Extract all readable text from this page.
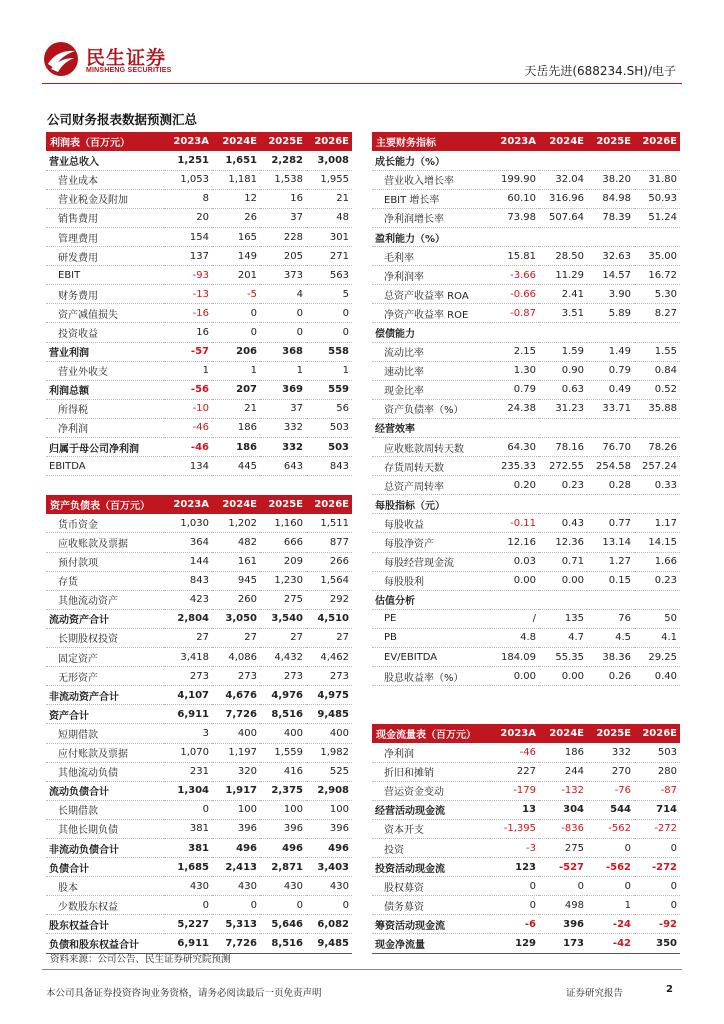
民生证券
MINSHENG SECURITIES	天岳先进(688234.SH)/电子
公司财务报表数据预测汇总
利润表（百万元）	2023A	2024E	2025E	2026E
营业总收入	1,251	1,651	2,282	3,008
营业成本	1,053	1,181	1,538	1,955
营业税金及附加	8	12	16	21
销售费用	20	26	37	48
管理费用	154	165	228	301
研发费用	137	149	205	271
EBIT	-93	201	373	563
财务费用	-13	-5	4	5
资产减值损失	-16	0	0	0
投资收益	16	0	0	0
营业利润	-57	206	368	558
营业外收支	1	1	1	1
利润总额	-56	207	369	559
所得税	-10	21	37	56
净利润	-46	186	332	503
归属于母公司净利润	-46	186	332	503
EBITDA	134	445	643	843

资产负债表（百万元）	2023A	2024E	2025E	2026E
货币资金	1,030	1,202	1,160	1,511
应收账款及票据	364	482	666	877
预付款项	144	161	209	266
存货	843	945	1,230	1,564
其他流动资产	423	260	275	292
流动资产合计	2,804	3,050	3,540	4,510
长期股权投资	27	27	27	27
固定资产	3,418	4,086	4,432	4,462
无形资产	273	273	273	273
非流动资产合计	4,107	4,676	4,976	4,975
资产合计	6,911	7,726	8,516	9,485
短期借款	3	400	400	400
应付账款及票据	1,070	1,197	1,559	1,982
其他流动负债	231	320	416	525
流动负债合计	1,304	1,917	2,375	2,908
长期借款	0	100	100	100
其他长期负债	381	396	396	396
非流动负债合计	381	496	496	496
负债合计	1,685	2,413	2,871	3,403
股本	430	430	430	430
少数股东权益	0	0	0	0
股东权益合计	5,227	5,313	5,646	6,082
负债和股东权益合计	6,911	7,726	8,516	9,485
主要财务指标	2023A	2024E	2025E	2026E
成长能力（%）				
营业收入增长率	199.90	32.04	38.20	31.80
EBIT 增长率	60.10	316.96	84.98	50.93
净利润增长率	73.98	507.64	78.39	51.24
盈利能力（%）				
毛利率	15.81	28.50	32.63	35.00
净利润率	-3.66	11.29	14.57	16.72
总资产收益率 ROA	-0.66	2.41	3.90	5.30
净资产收益率 ROE	-0.87	3.51	5.89	8.27
偿债能力				
流动比率	2.15	1.59	1.49	1.55
速动比率	1.30	0.90	0.79	0.84
现金比率	0.79	0.63	0.49	0.52
资产负债率（%）	24.38	31.23	33.71	35.88
经营效率				
应收账款周转天数	64.30	78.16	76.70	78.26
存货周转天数	235.33	272.55	254.58	257.24
总资产周转率	0.20	0.23	0.28	0.33
每股指标（元）				
每股收益	-0.11	0.43	0.77	1.17
每股净资产	12.16	12.36	13.14	14.15
每股经营现金流	0.03	0.71	1.27	1.66
每股股利	0.00	0.00	0.15	0.23
估值分析				
PE	/	135	76	50
PB	4.8	4.7	4.5	4.1
EV/EBITDA	184.09	55.35	38.36	29.25
股息收益率（%）	0.00	0.00	0.26	0.40

现金流量表（百万元）	2023A	2024E	2025E	2026E
净利润	-46	186	332	503
折旧和摊销	227	244	270	280
营运资金变动	-179	-132	-76	-87
经营活动现金流	13	304	544	714
资本开支	-1,395	-836	-562	-272
投资	-3	275	0	0
投资活动现金流	123	-527	-562	-272
股权募资	0	0	0	0
债务募资	0	498	1	0
筹资活动现金流	-6	396	-24	-92
现金净流量	129	173	-42	350
资料来源：公司公告、民生证券研究院预测
本公司具备证券投资咨询业务资格，请务必阅读最后一页免责声明	证券研究报告	2
